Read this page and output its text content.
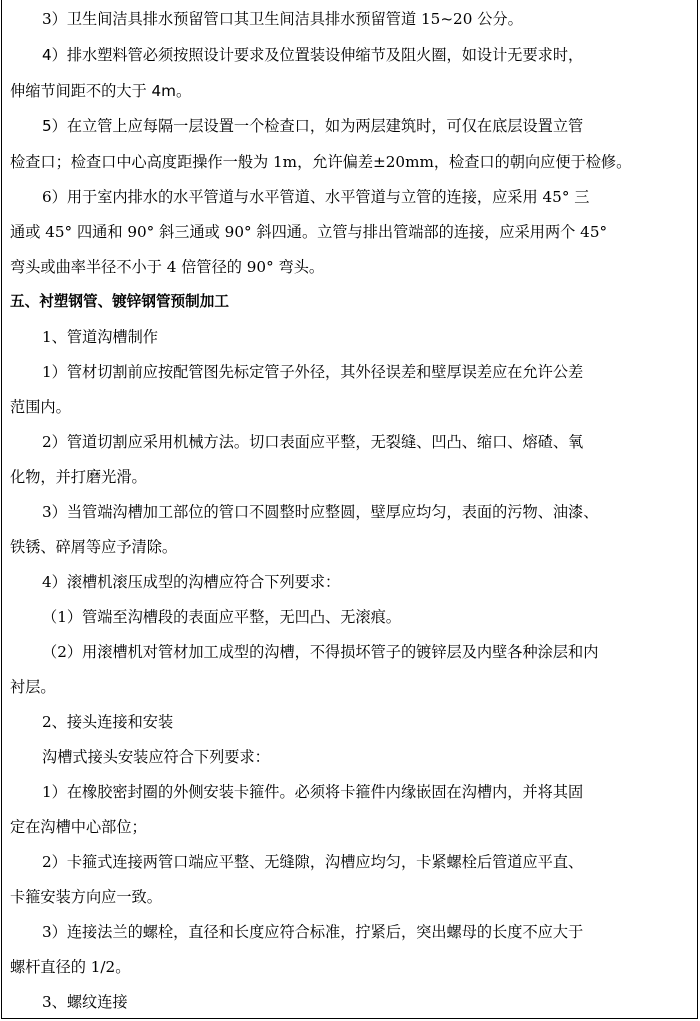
3）卫生间洁具排水预留管口其卫生间洁具排水预留管道 15~20 公分。
4）排水塑料管必须按照设计要求及位置装设伸缩节及阻火圈，如设计无要求时，
伸缩节间距不的大于 4m。
5）在立管上应每隔一层设置一个检查口，如为两层建筑时，可仅在底层设置立管
检查口；检查口中心高度距操作一般为 1m，允许偏差±20mm，检查口的朝向应便于检修。
6）用于室内排水的水平管道与水平管道、水平管道与立管的连接，应采用 45° 三
通或 45° 四通和 90° 斜三通或 90° 斜四通。立管与排出管端部的连接，应采用两个 45°
弯头或曲率半径不小于 4 倍管径的 90° 弯头。
五、衬塑钢管、镀锌钢管预制加工
1、管道沟槽制作
1）管材切割前应按配管图先标定管子外径，其外径误差和壁厚误差应在允许公差
范围内。
2）管道切割应采用机械方法。切口表面应平整，无裂缝、凹凸、缩口、熔碴、氧
化物，并打磨光滑。
3）当管端沟槽加工部位的管口不圆整时应整圆，壁厚应均匀，表面的污物、油漆、
铁锈、碎屑等应予清除。
4）滚槽机滚压成型的沟槽应符合下列要求：
（1）管端至沟槽段的表面应平整，无凹凸、无滚痕。
（2）用滚槽机对管材加工成型的沟槽，不得损坏管子的镀锌层及内壁各种涂层和内
衬层。
2、接头连接和安装
沟槽式接头安装应符合下列要求：
1）在橡胶密封圈的外侧安装卡箍件。必须将卡箍件内缘嵌固在沟槽内，并将其固
定在沟槽中心部位；
2）卡箍式连接两管口端应平整、无缝隙，沟槽应均匀，卡紧螺栓后管道应平直、
卡箍安装方向应一致。
3）连接法兰的螺栓，直径和长度应符合标准，拧紧后，突出螺母的长度不应大于
螺杆直径的 1/2。
3、螺纹连接
